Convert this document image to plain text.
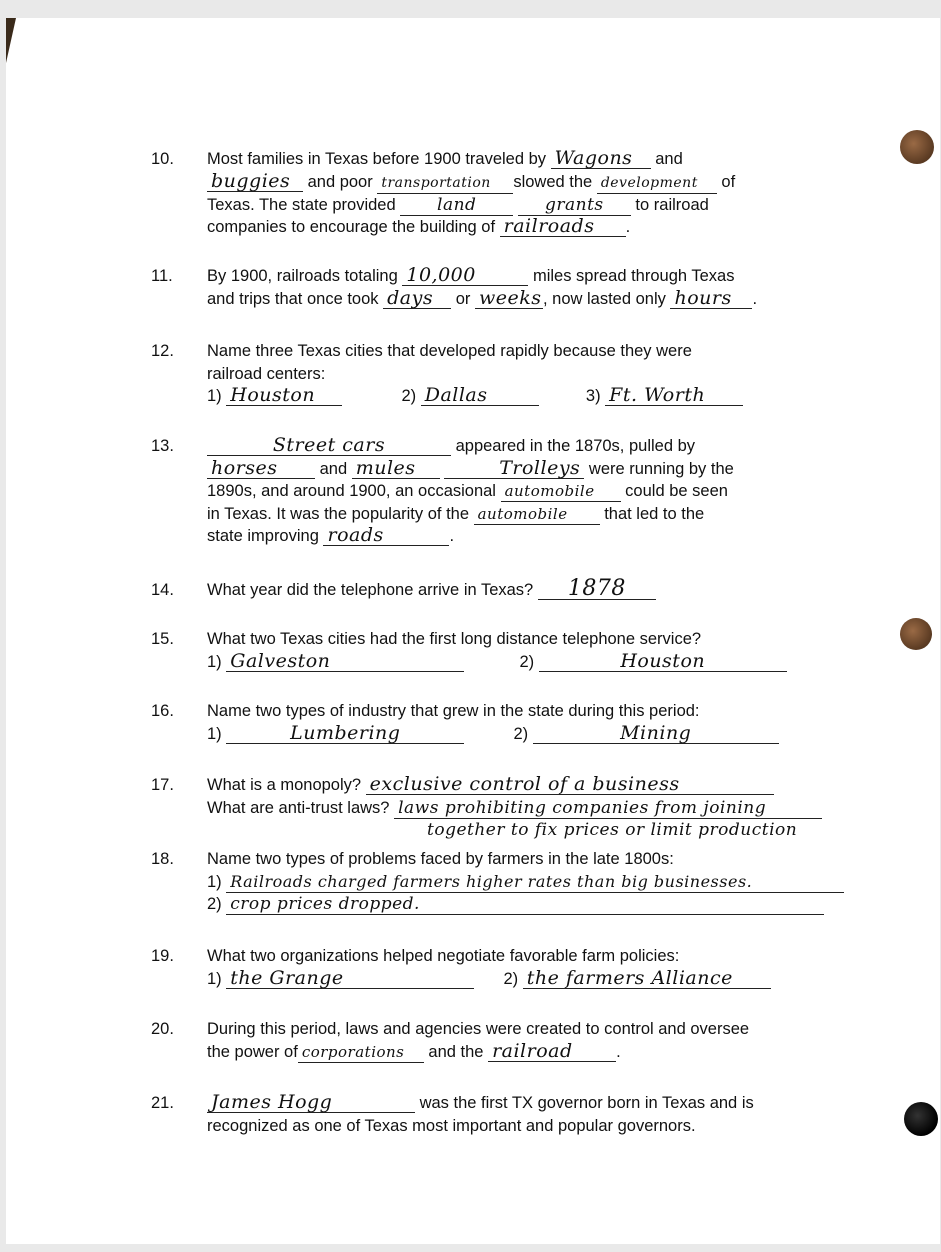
10.	Most families in Texas before 1900 traveled by Wagons and
buggies and poor transportation slowed the development of
Texas. The state provided land	grants to railroad
companies to encourage the building of railroads .
11.	By 1900, railroads totaling 10,000	miles spread through Texas
and trips that once took days or weeks, now lasted only hours .
12.	Name three Texas cities that developed rapidly because they were
railroad centers:
1) Houston	2) Dallas	3) Ft. Worth
13.	Street cars	appeared in the 1870s, pulled by
horses	and mules	Trolleys were running by the
1890s, and around 1900, an occasional automobile could be seen
in Texas. It was the popularity of the automobile that led to the
state improving roads	.
14.	What year did the telephone arrive in Texas? 1878
15.	What two Texas cities had the first long distance telephone service?
1) Galveston	2)	Houston
16.	Name two types of industry that grew in the state during this period:
1)	Lumbering	2)	Mining
17.	What is a monopoly? exclusive control of a business
What are anti-trust laws? laws prohibiting companies from joining
together to fix prices or limit production
18.	Name two types of problems faced by farmers in the late 1800s:
1) Railroads charged farmers higher rates than big businesses.
2) crop prices dropped.
19.	What two organizations helped negotiate favorable farm policies:
1) the Grange	2) the farmers Alliance
20.	During this period, laws and agencies were created to control and oversee
the power of corporations and the railroad	.
21.	James Hogg	was the first TX governor born in Texas and is
recognized as one of Texas most important and popular governors.
